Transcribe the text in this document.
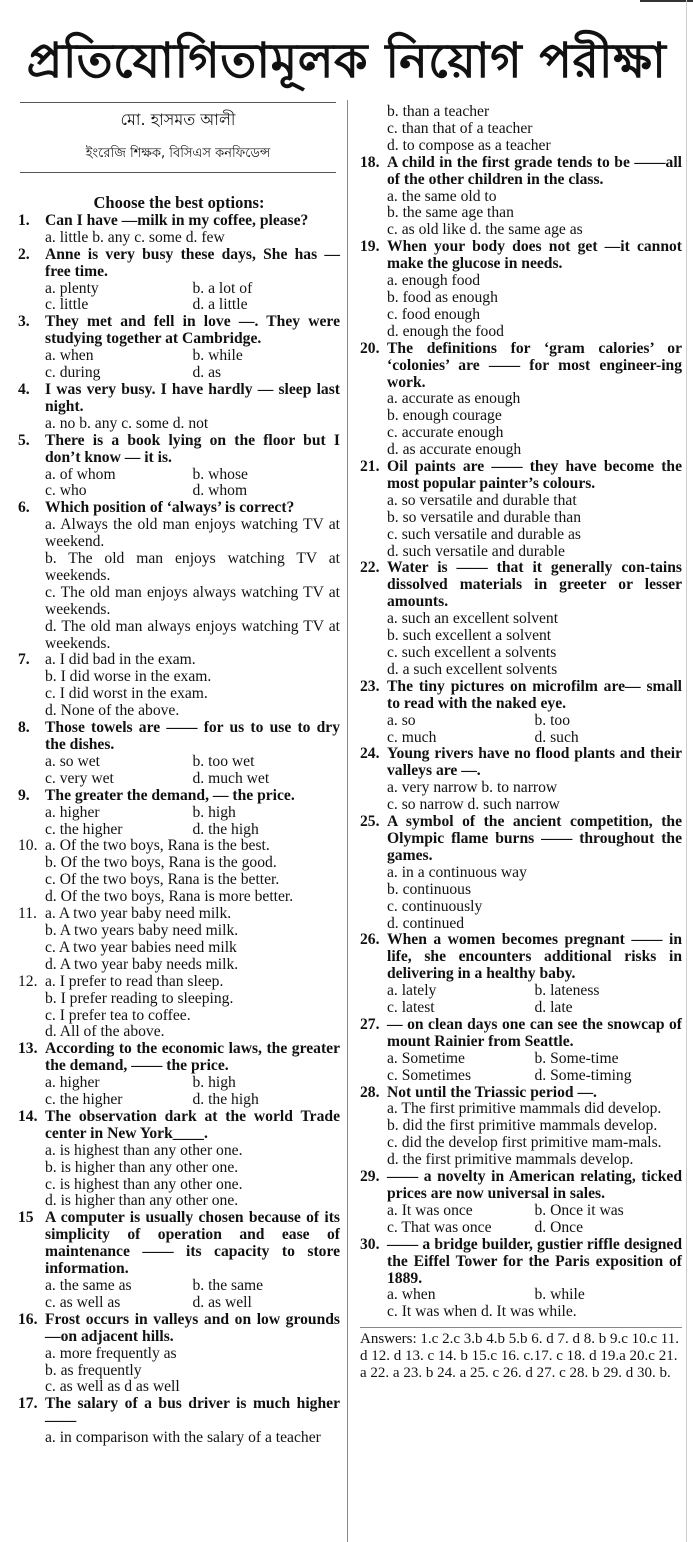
প্রতিযোগিতামূলক নিয়োগ পরীক্ষা
মো. হাসমত আলী
ইংরেজি শিক্ষক, বিসিএস কনফিডেন্স
Choose the best options:
1. Can I have —milk in my coffee, please?
a. little b. any c. some d. few
2. Anne is very busy these days, She has — free time.
a. plenty	b. a lot of
c. little	d. a little
3. They met and fell in love —. They were studying together at Cambridge.
a. when	b. while
c. during	d. as
4. I was very busy. I have hardly — sleep last night.
a. no b. any c. some d. not
5. There is a book lying on the floor but I don’t know — it is.
a. of whom	b. whose
c. who	d. whom
6. Which position of ‘always’ is correct?
a. Always the old man enjoys watching TV at weekend.
b. The old man enjoys watching TV at weekends.
c. The old man enjoys always watching TV at weekends.
d. The old man always enjoys watching TV at weekends.
7. a. I did bad in the exam.
b. I did worse in the exam.
c. I did worst in the exam.
d. None of the above.
8. Those towels are —— for us to use to dry the dishes.
a. so wet	b. too wet
c. very wet	d. much wet
9. The greater the demand, — the price.
a. higher	b. high
c. the higher	d. the high
10. a. Of the two boys, Rana is the best.
b. Of the two boys, Rana is the good.
c. Of the two boys, Rana is the better.
d. Of the two boys, Rana is more better.
11. a. A two year baby need milk.
b. A two years baby need milk.
c. A two year babies need milk
d. A two year baby needs milk.
12. a. I prefer to read than sleep.
b. I prefer reading to sleeping.
c. I prefer tea to coffee.
d. All of the above.
13. According to the economic laws, the greater the demand, —— the price.
a. higher	b. high
c. the higher	d. the high
14. The observation dark at the world Trade center in New York____.
a. is highest than any other one.
b. is higher than any other one.
c. is highest than any other one.
d. is higher than any other one.
15 A computer is usually chosen because of its simplicity of operation and ease of maintenance —— its capacity to store information.
a. the same as	b. the same
c. as well as	d. as well
16. Frost occurs in valleys and on low grounds—on adjacent hills.
a. more frequently as
b. as frequently
c. as well as d as well
17. The salary of a bus driver is much higher——
a. in comparison with the salary of a teacher
b. than a teacher
c. than that of a teacher
d. to compose as a teacher
18. A child in the first grade tends to be ——all of the other children in the class.
a. the same old to
b. the same age than
c. as old like d. the same age as
19. When your body does not get —it cannot make the glucose in needs.
a. enough food
b. food as enough
c. food enough
d. enough the food
20. The definitions for ‘gram calories’ or ‘colonies’ are —— for most engineer-ing work.
a. accurate as enough
b. enough courage
c. accurate enough
d. as accurate enough
21. Oil paints are —— they have become the most popular painter’s colours.
a. so versatile and durable that
b. so versatile and durable than
c. such versatile and durable as
d. such versatile and durable
22. Water is —— that it generally con-tains dissolved materials in greeter or lesser amounts.
a. such an excellent solvent
b. such excellent a solvent
c. such excellent a solvents
d. a such excellent solvents
23. The tiny pictures on microfilm are— small to read with the naked eye.
a. so	b. too
c. much	d. such
24. Young rivers have no flood plants and their valleys are —.
a. very narrow b. to narrow
c. so narrow d. such narrow
25. A symbol of the ancient competition, the Olympic flame burns —— throughout the games.
a. in a continuous way
b. continuous
c. continuously
d. continued
26. When a women becomes pregnant —— in life, she encounters additional risks in delivering in a healthy baby.
a. lately	b. lateness
c. latest	d. late
27. — on clean days one can see the snowcap of mount Rainier from Seattle.
a. Sometime	b. Some-time
c. Sometimes	d. Some-timing
28. Not until the Triassic period —.
a. The first primitive mammals did develop.
b. did the first primitive mammals develop.
c. did the develop first primitive mam-mals.
d. the first primitive mammals develop.
29. —— a novelty in American relating, ticked prices are now universal in sales.
a. It was once	b. Once it was
c. That was once	d. Once
30. —— a bridge builder, gustier riffle designed the Eiffel Tower for the Paris exposition of 1889.
a. when	b. while
c. It was when d. It was while.
Answers: 1.c 2.c 3.b 4.b 5.b 6. d 7. d 8. b 9.c 10.c 11. d 12. d 13. c 14. b 15.c 16. c.17. c 18. d 19.a 20.c 21. a 22. a 23. b 24. a 25. c 26. d 27. c 28. b 29. d 30. b.
